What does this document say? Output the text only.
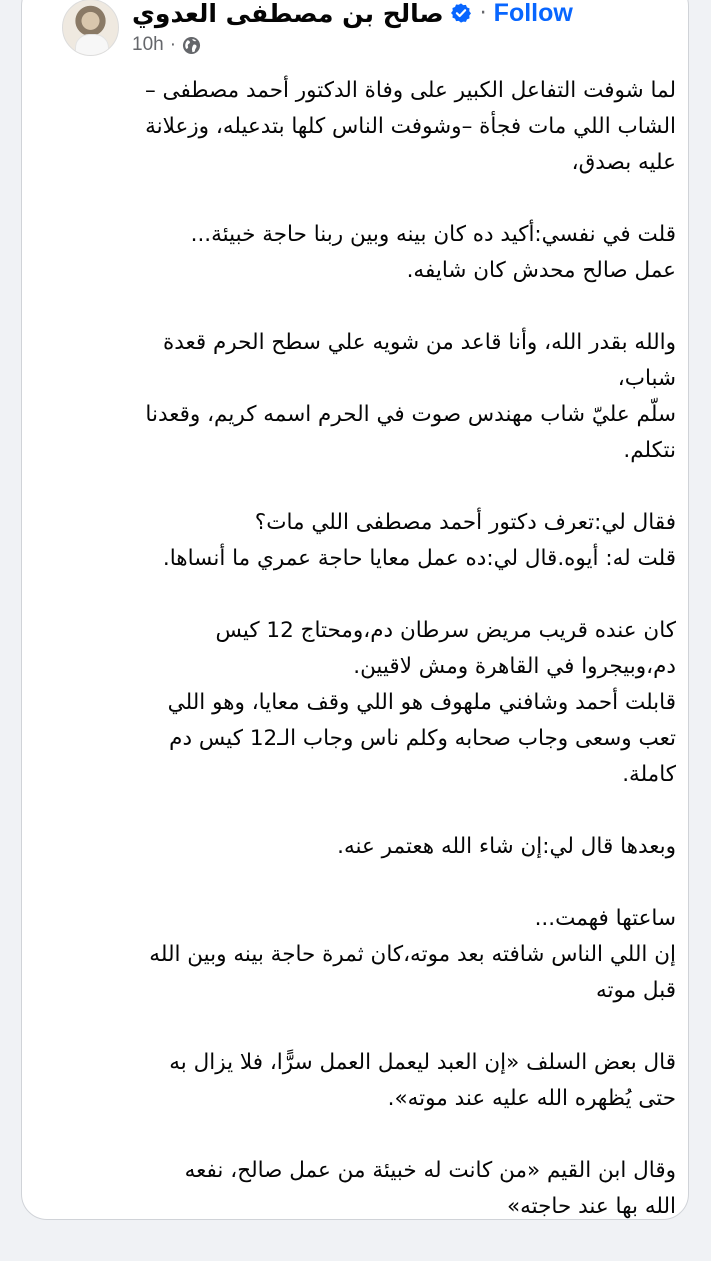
صالح بن مصطفى العدوي · Follow
10h ·
لما شوفت التفاعل الكبير على وفاة الدكتور أحمد مصطفى –
الشاب اللي مات فجأة –وشوفت الناس كلها بتدعيله، وزعلانة
عليه بصدق،
قلت في نفسي:أكيد ده كان بينه وبين ربنا حاجة خبيئة...
عمل صالح محدش كان شايفه.
والله بقدر الله، وأنا قاعد من شويه علي سطح الحرم قعدة
شباب،
سلّم عليّ شاب مهندس صوت في الحرم اسمه كريم، وقعدنا
نتكلم.
فقال لي:تعرف دكتور أحمد مصطفى اللي مات؟
قلت له: أيوه.قال لي:ده عمل معايا حاجة عمري ما أنساها.
كان عنده قريب مريض سرطان دم،ومحتاج 12 كيس
دم،وبيجروا في القاهرة ومش لاقيين.
قابلت أحمد وشافني ملهوف هو اللي وقف معايا، وهو اللي
تعب وسعى وجاب صحابه وكلم ناس وجاب الـ12 كيس دم
كاملة.
وبعدها قال لي:إن شاء الله هعتمر عنه.
ساعتها فهمت...
إن اللي الناس شافته بعد موته،كان ثمرة حاجة بينه وبين الله
قبل موته
قال بعض السلف «إن العبد ليعمل العمل سرًّا، فلا يزال به
حتى يُظهره الله عليه عند موته».
وقال ابن القيم «من كانت له خبيئة من عمل صالح، نفعه
الله بها عند حاجته»
